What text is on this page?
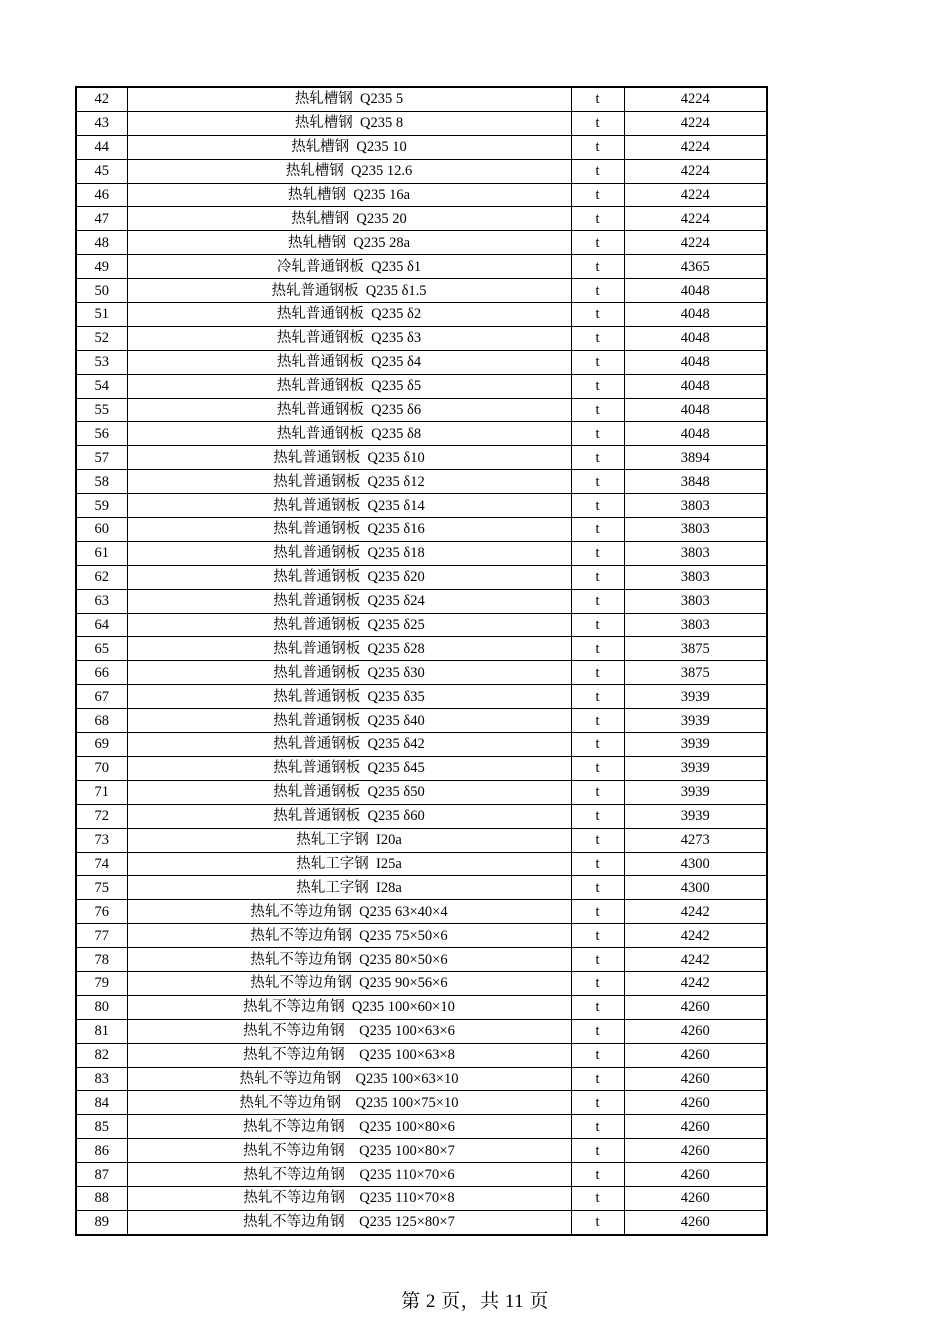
42	热轧槽钢  Q235 5	t	4224
43	热轧槽钢  Q235 8	t	4224
44	热轧槽钢  Q235 10	t	4224
45	热轧槽钢  Q235 12.6	t	4224
46	热轧槽钢  Q235 16a	t	4224
47	热轧槽钢  Q235 20	t	4224
48	热轧槽钢  Q235 28a	t	4224
49	冷轧普通钢板  Q235 δ1	t	4365
50	热轧普通钢板  Q235 δ1.5	t	4048
51	热轧普通钢板  Q235 δ2	t	4048
52	热轧普通钢板  Q235 δ3	t	4048
53	热轧普通钢板  Q235 δ4	t	4048
54	热轧普通钢板  Q235 δ5	t	4048
55	热轧普通钢板  Q235 δ6	t	4048
56	热轧普通钢板  Q235 δ8	t	4048
57	热轧普通钢板  Q235 δ10	t	3894
58	热轧普通钢板  Q235 δ12	t	3848
59	热轧普通钢板  Q235 δ14	t	3803
60	热轧普通钢板  Q235 δ16	t	3803
61	热轧普通钢板  Q235 δ18	t	3803
62	热轧普通钢板  Q235 δ20	t	3803
63	热轧普通钢板  Q235 δ24	t	3803
64	热轧普通钢板  Q235 δ25	t	3803
65	热轧普通钢板  Q235 δ28	t	3875
66	热轧普通钢板  Q235 δ30	t	3875
67	热轧普通钢板  Q235 δ35	t	3939
68	热轧普通钢板  Q235 δ40	t	3939
69	热轧普通钢板  Q235 δ42	t	3939
70	热轧普通钢板  Q235 δ45	t	3939
71	热轧普通钢板  Q235 δ50	t	3939
72	热轧普通钢板  Q235 δ60	t	3939
73	热轧工字钢  I20a	t	4273
74	热轧工字钢  I25a	t	4300
75	热轧工字钢  I28a	t	4300
76	热轧不等边角钢  Q235 63×40×4	t	4242
77	热轧不等边角钢  Q235 75×50×6	t	4242
78	热轧不等边角钢  Q235 80×50×6	t	4242
79	热轧不等边角钢  Q235 90×56×6	t	4242
80	热轧不等边角钢  Q235 100×60×10	t	4260
81	热轧不等边角钢    Q235 100×63×6	t	4260
82	热轧不等边角钢    Q235 100×63×8	t	4260
83	热轧不等边角钢    Q235 100×63×10	t	4260
84	热轧不等边角钢    Q235 100×75×10	t	4260
85	热轧不等边角钢    Q235 100×80×6	t	4260
86	热轧不等边角钢    Q235 100×80×7	t	4260
87	热轧不等边角钢    Q235 110×70×6	t	4260
88	热轧不等边角钢    Q235 110×70×8	t	4260
89	热轧不等边角钢    Q235 125×80×7	t	4260
第 2 页，共 11 页
